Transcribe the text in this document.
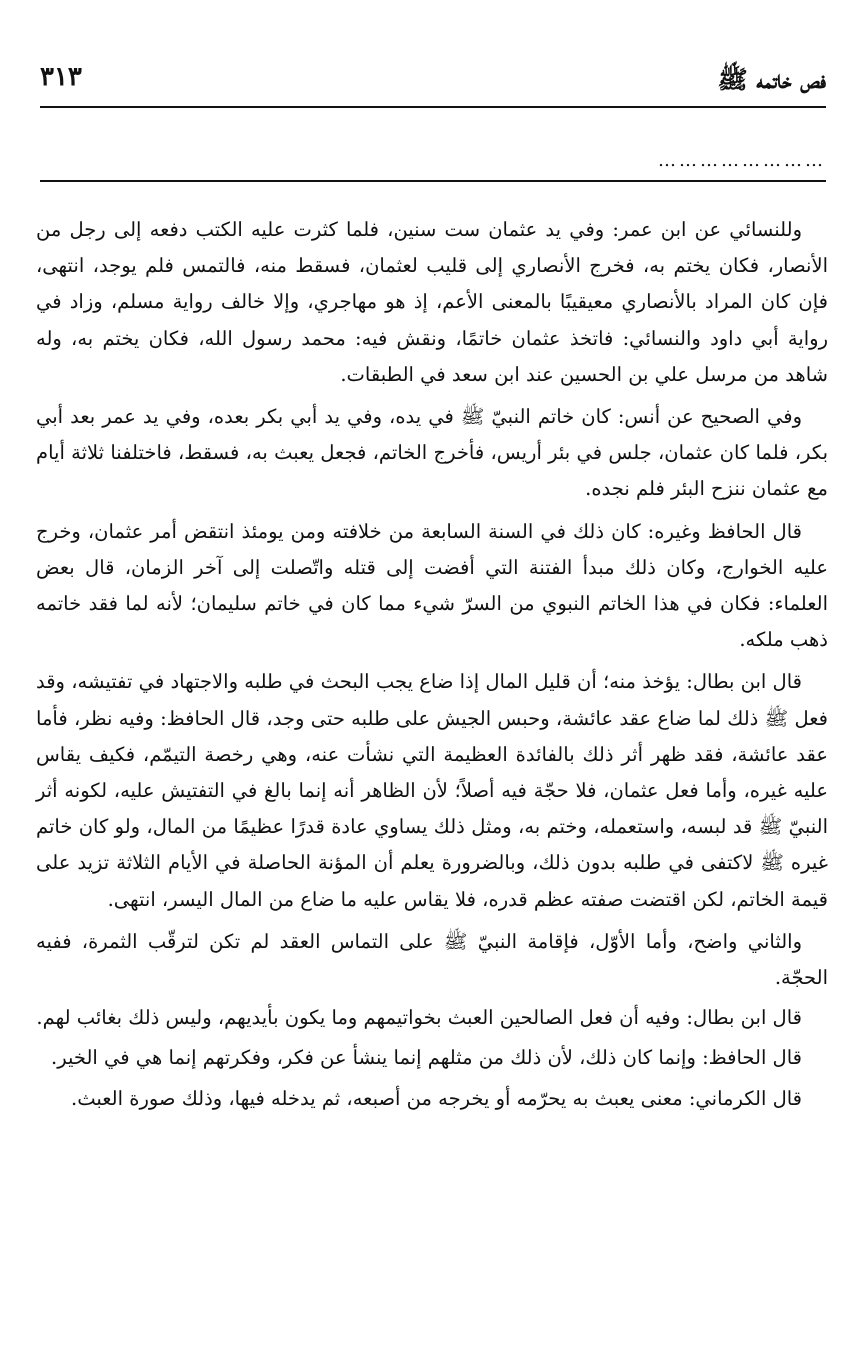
فص خاتمه ﷺ
٣١٣
……………………

وللنسائي عن ابن عمر: وفي يد عثمان ست سنين، فلما كثرت عليه الكتب دفعه إلى رجل من الأنصار، فكان يختم به، فخرج الأنصاري إلى قليب لعثمان، فسقط منه، فالتمس فلم يوجد، انتهى، فإن كان المراد بالأنصاري معيقيبًا بالمعنى الأعم، إذ هو مهاجري، وإلا خالف رواية مسلم، وزاد في رواية أبي داود والنسائي: فاتخذ عثمان خاتمًا، ونقش فيه: محمد رسول الله، فكان يختم به، وله شاهد من مرسل علي بن الحسين عند ابن سعد في الطبقات.

وفي الصحيح عن أنس: كان خاتم النبيّ ﷺ في يده، وفي يد أبي بكر بعده، وفي يد عمر بعد أبي بكر، فلما كان عثمان، جلس في بئر أريس، فأخرج الخاتم، فجعل يعبث به، فسقط، فاختلفنا ثلاثة أيام مع عثمان ننزح البئر فلم نجده.

قال الحافظ وغيره: كان ذلك في السنة السابعة من خلافته ومن يومئذ انتقض أمر عثمان، وخرج عليه الخوارج، وكان ذلك مبدأ الفتنة التي أفضت إلى قتله واتّصلت إلى آخر الزمان، قال بعض العلماء: فكان في هذا الخاتم النبوي من السرّ شيء مما كان في خاتم سليمان؛ لأنه لما فقد خاتمه ذهب ملكه.

قال ابن بطال: يؤخذ منه؛ أن قليل المال إذا ضاع يجب البحث في طلبه والاجتهاد في تفتيشه، وقد فعل ﷺ ذلك لما ضاع عقد عائشة، وحبس الجيش على طلبه حتى وجد، قال الحافظ: وفيه نظر، فأما عقد عائشة، فقد ظهر أثر ذلك بالفائدة العظيمة التي نشأت عنه، وهي رخصة التيمّم، فكيف يقاس عليه غيره، وأما فعل عثمان، فلا حجّة فيه أصلاً؛ لأن الظاهر أنه إنما بالغ في التفتيش عليه، لكونه أثر النبيّ ﷺ قد لبسه، واستعمله، وختم به، ومثل ذلك يساوي عادة قدرًا عظيمًا من المال، ولو كان خاتم غيره ﷺ لاكتفى في طلبه بدون ذلك، وبالضرورة يعلم أن المؤنة الحاصلة في الأيام الثلاثة تزيد على قيمة الخاتم، لكن اقتضت صفته عظم قدره، فلا يقاس عليه ما ضاع من المال اليسر، انتهى.

والثاني واضح، وأما الأوّل، فإقامة النبيّ ﷺ على التماس العقد لم تكن لترقّب الثمرة، ففيه الحجّة.

قال ابن بطال: وفيه أن فعل الصالحين العبث بخواتيمهم وما يكون بأيديهم، وليس ذلك بغائب لهم.

قال الحافظ: وإنما كان ذلك، لأن ذلك من مثلهم إنما ينشأ عن فكر، وفكرتهم إنما هي في الخير.

قال الكرماني: معنى يعبث به يحرّمه أو يخرجه من أصبعه، ثم يدخله فيها، وذلك صورة العبث.
